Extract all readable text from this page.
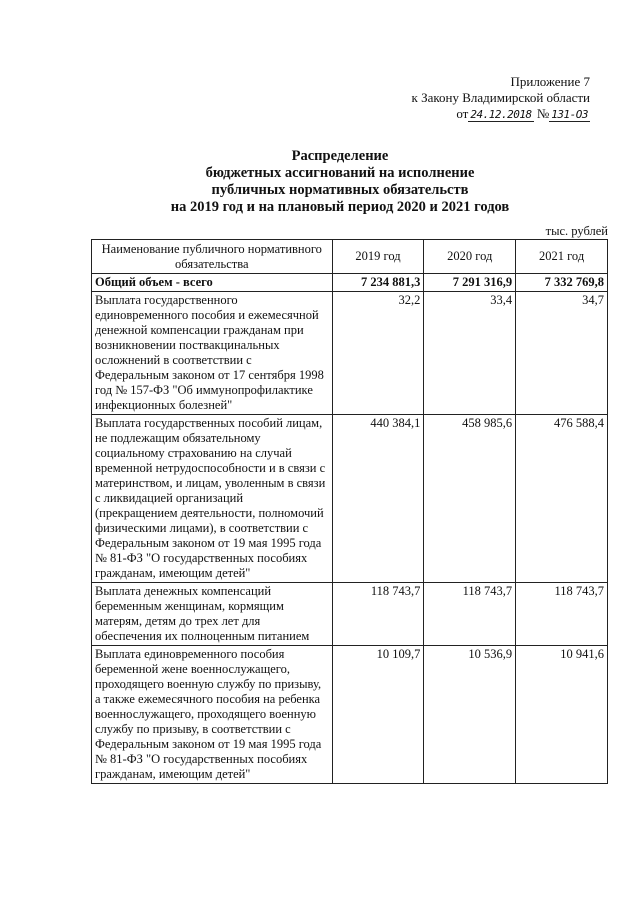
Приложение 7
к Закону Владимирской области
от 24.12.2018 № 131-ОЗ
Распределение
бюджетных ассигнований на исполнение
публичных нормативных обязательств
на 2019 год и на плановый период 2020 и 2021 годов
тыс. рублей
Наименование публичного нормативного обязательства	2019 год	2020 год	2021 год
Общий объем - всего	7 234 881,3	7 291 316,9	7 332 769,8
Выплата государственного единовременного пособия и ежемесячной денежной компенсации гражданам при возникновении поствакцинальных осложнений в соответствии с Федеральным законом от 17 сентября 1998 год № 157-ФЗ "Об иммунопрофилактике инфекционных болезней"	32,2	33,4	34,7
Выплата государственных пособий лицам, не подлежащим обязательному социальному страхованию на случай временной нетрудоспособности и в связи с материнством, и лицам, уволенным в связи с ликвидацией организаций (прекращением деятельности, полномочий физическими лицами), в соответствии с Федеральным законом от 19 мая 1995 года № 81-ФЗ "О государственных пособиях гражданам, имеющим детей"	440 384,1	458 985,6	476 588,4
Выплата денежных компенсаций беременным женщинам, кормящим матерям, детям до трех лет для обеспечения их полноценным питанием	118 743,7	118 743,7	118 743,7
Выплата единовременного пособия беременной жене военнослужащего, проходящего военную службу по призыву, а также ежемесячного пособия на ребенка военнослужащего, проходящего военную службу по призыву, в соответствии с Федеральным законом от 19 мая 1995 года № 81-ФЗ "О государственных пособиях гражданам, имеющим детей"	10 109,7	10 536,9	10 941,6
